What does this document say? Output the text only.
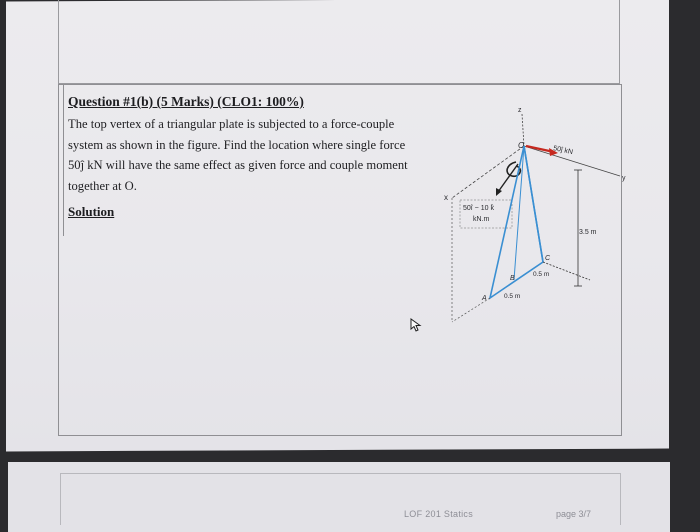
Question #1(b) (5 Marks) (CLO1: 100%)

The top vertex of a triangular plate is subjected to a force-couple
system as shown in the figure. Find the location where single force
50ĵ kN will have the same effect as given force and couple moment
together at O.

Solution
z
y
x
O	50ĵ kN
50î − 10 k̂
kN.m
3.5 m
A
B
C
0.5 m
0.5 m
LOF 201 Statics	page 3/7
